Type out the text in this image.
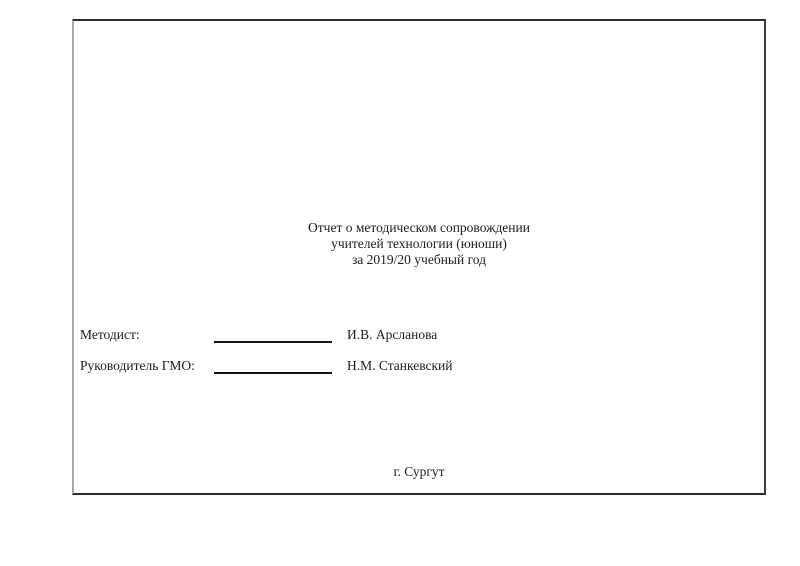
Отчет о методическом сопровождении
учителей технологии (юноши)
за 2019/20 учебный год
Методист:	И.В. Арсланова
Руководитель ГМО:	Н.М. Станкевский
г. Сургут
